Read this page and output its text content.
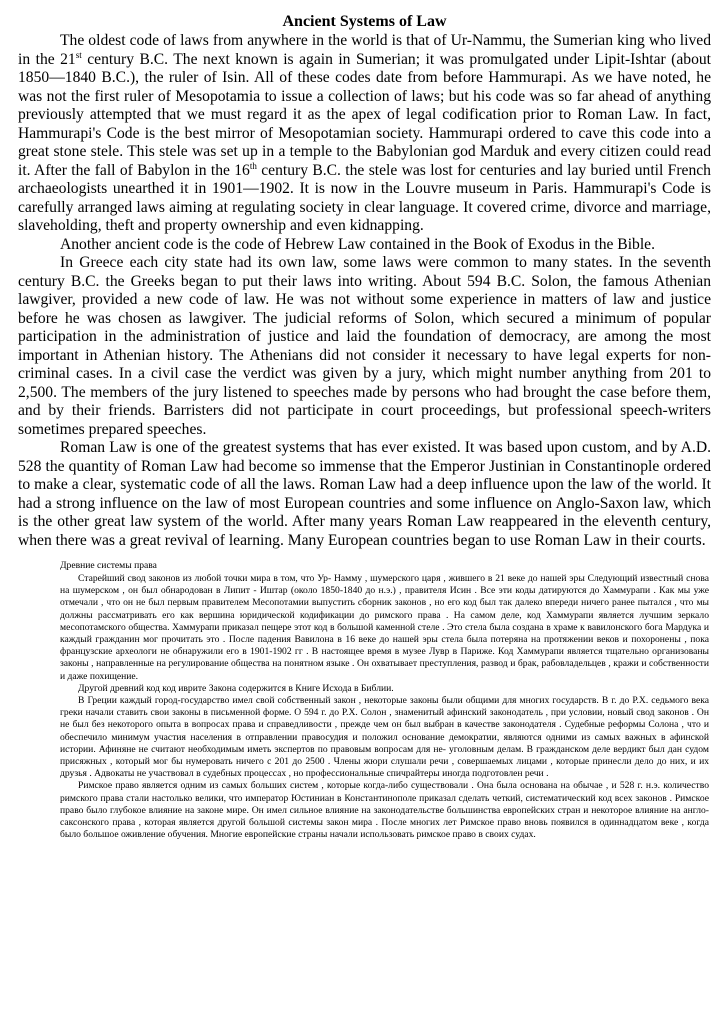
Ancient Systems of Law

The oldest code of laws from anywhere in the world is that of Ur-Nammu, the Sumerian king who lived in the 21st century B.C. The next known is again in Sumerian; it was promulgated under Lipit-Ishtar (about 1850—1840 B.C.), the ruler of Isin. All of these codes date from before Hammurapi. As we have noted, he was not the first ruler of Mesopotamia to issue a collection of laws; but his code was so far ahead of anything previously attempted that we must regard it as the apex of legal codification prior to Roman Law. In fact, Hammurapi's Code is the best mirror of Mesopotamian society. Hammurapi ordered to cave this code into a great stone stele. This stele was set up in a temple to the Babylonian god Marduk and every citizen could read it. After the fall of Babylon in the 16th century B.C. the stele was lost for centuries and lay buried until French archaeologists unearthed it in 1901—1902. It is now in the Louvre museum in Paris. Hammurapi's Code is carefully arranged laws aiming at regulating society in clear language. It covered crime, divorce and marriage, slaveholding, theft and property ownership and even kidnapping.

Another ancient code is the code of Hebrew Law contained in the Book of Exodus in the Bible.

In Greece each city state had its own law, some laws were common to many states. In the seventh century B.C. the Greeks began to put their laws into writing. About 594 B.C. Solon, the famous Athenian lawgiver, provided a new code of law. He was not without some experience in matters of law and justice before he was chosen as lawgiver. The judicial reforms of Solon, which secured a minimum of popular participation in the administration of justice and laid the foundation of democracy, are among the most important in Athenian history. The Athenians did not consider it necessary to have legal experts for non-criminal cases. In a civil case the verdict was given by a jury, which might number anything from 201 to 2,500. The members of the jury listened to speeches made by persons who had brought the case before them, and by their friends. Barristers did not participate in court proceedings, but professional speech-writers sometimes prepared speeches.

Roman Law is one of the greatest systems that has ever existed. It was based upon custom, and by A.D. 528 the quantity of Roman Law had become so immense that the Emperor Justinian in Constantinople ordered to make a clear, systematic code of all the laws. Roman Law had a deep influence upon the law of the world. It had a strong influence on the law of most European countries and some influence on Anglo-Saxon law, which is the other great law system of the world. After many years Roman Law reappeared in the eleventh century, when there was a great revival of learning. Many European countries began to use Roman Law in their courts.

Древние системы права

Старейший свод законов из любой точки мира в том, что Ур- Намму , шумерского царя , жившего в 21 веке до нашей эры Следующий известный снова на шумерском , он был обнародован в Липит - Иштар (около 1850-1840 до н.э.) , правителя Исин . Все эти коды датируются до Хаммурапи . Как мы уже отмечали , что он не был первым правителем Месопотамии выпустить сборник законов , но его код был так далеко впереди ничего ранее пытался , что мы должны рассматривать его как вершина юридической кодификации до римского права . На самом деле, код Хаммурапи является лучшим зеркало месопотамского общества. Хаммурапи приказал пещере этот код в большой каменной стеле . Это стела была создана в храме к вавилонского бога Мардука и каждый гражданин мог прочитать это . После падения Вавилона в 16 веке до нашей эры стела была потеряна на протяжении веков и похоронены , пока французские археологи не обнаружили его в 1901-1902 гг . В настоящее время в музее Лувр в Париже. Код Хаммурапи является тщательно организованы законы , направленные на регулирование общества на понятном языке . Он охватывает преступления, развод и брак, рабовладельцев , кражи и собственности и даже похищение.

Другой древний код код иврите Закона содержится в Книге Исхода в Библии.

В Греции каждый город-государство имел свой собственный закон , некоторые законы были общими для многих государств. В г. до Р.Х. седьмого века греки начали ставить свои законы в письменной форме. О 594 г. до Р.Х. Солон , знаменитый афинский законодатель , при условии, новый свод законов . Он не был без некоторого опыта в вопросах права и справедливости , прежде чем он был выбран в качестве законодателя . Судебные реформы Солона , что и обеспечило минимум участия населения в отправлении правосудия и положил основание демократии, являются одними из самых важных в афинской истории. Афиняне не считают необходимым иметь экспертов по правовым вопросам для не- уголовным делам. В гражданском деле вердикт был дан судом присяжных , который мог бы нумеровать ничего с 201 до 2500 . Члены жюри слушали речи , совершаемых лицами , которые принесли дело до них, и их друзья . Адвокаты не участвовал в судебных процессах , но профессиональные спичрайтеры иногда подготовлен речи .

Римское право является одним из самых больших систем , которые когда-либо существовали . Она была основана на обычае , и 528 г. н.э. количество римского права стали настолько велики, что император Юстиниан в Константинополе приказал сделать четкий, систематический код всех законов . Римское право было глубокое влияние на законе мире. Он имел сильное влияние на законодательстве большинства европейских стран и некоторое влияние на англо-саксонского права , которая является другой большой системы закон мира . После многих лет Римское право вновь появился в одиннадцатом веке , когда было большое оживление обучения. Многие европейские страны начали использовать римское право в своих судах.
